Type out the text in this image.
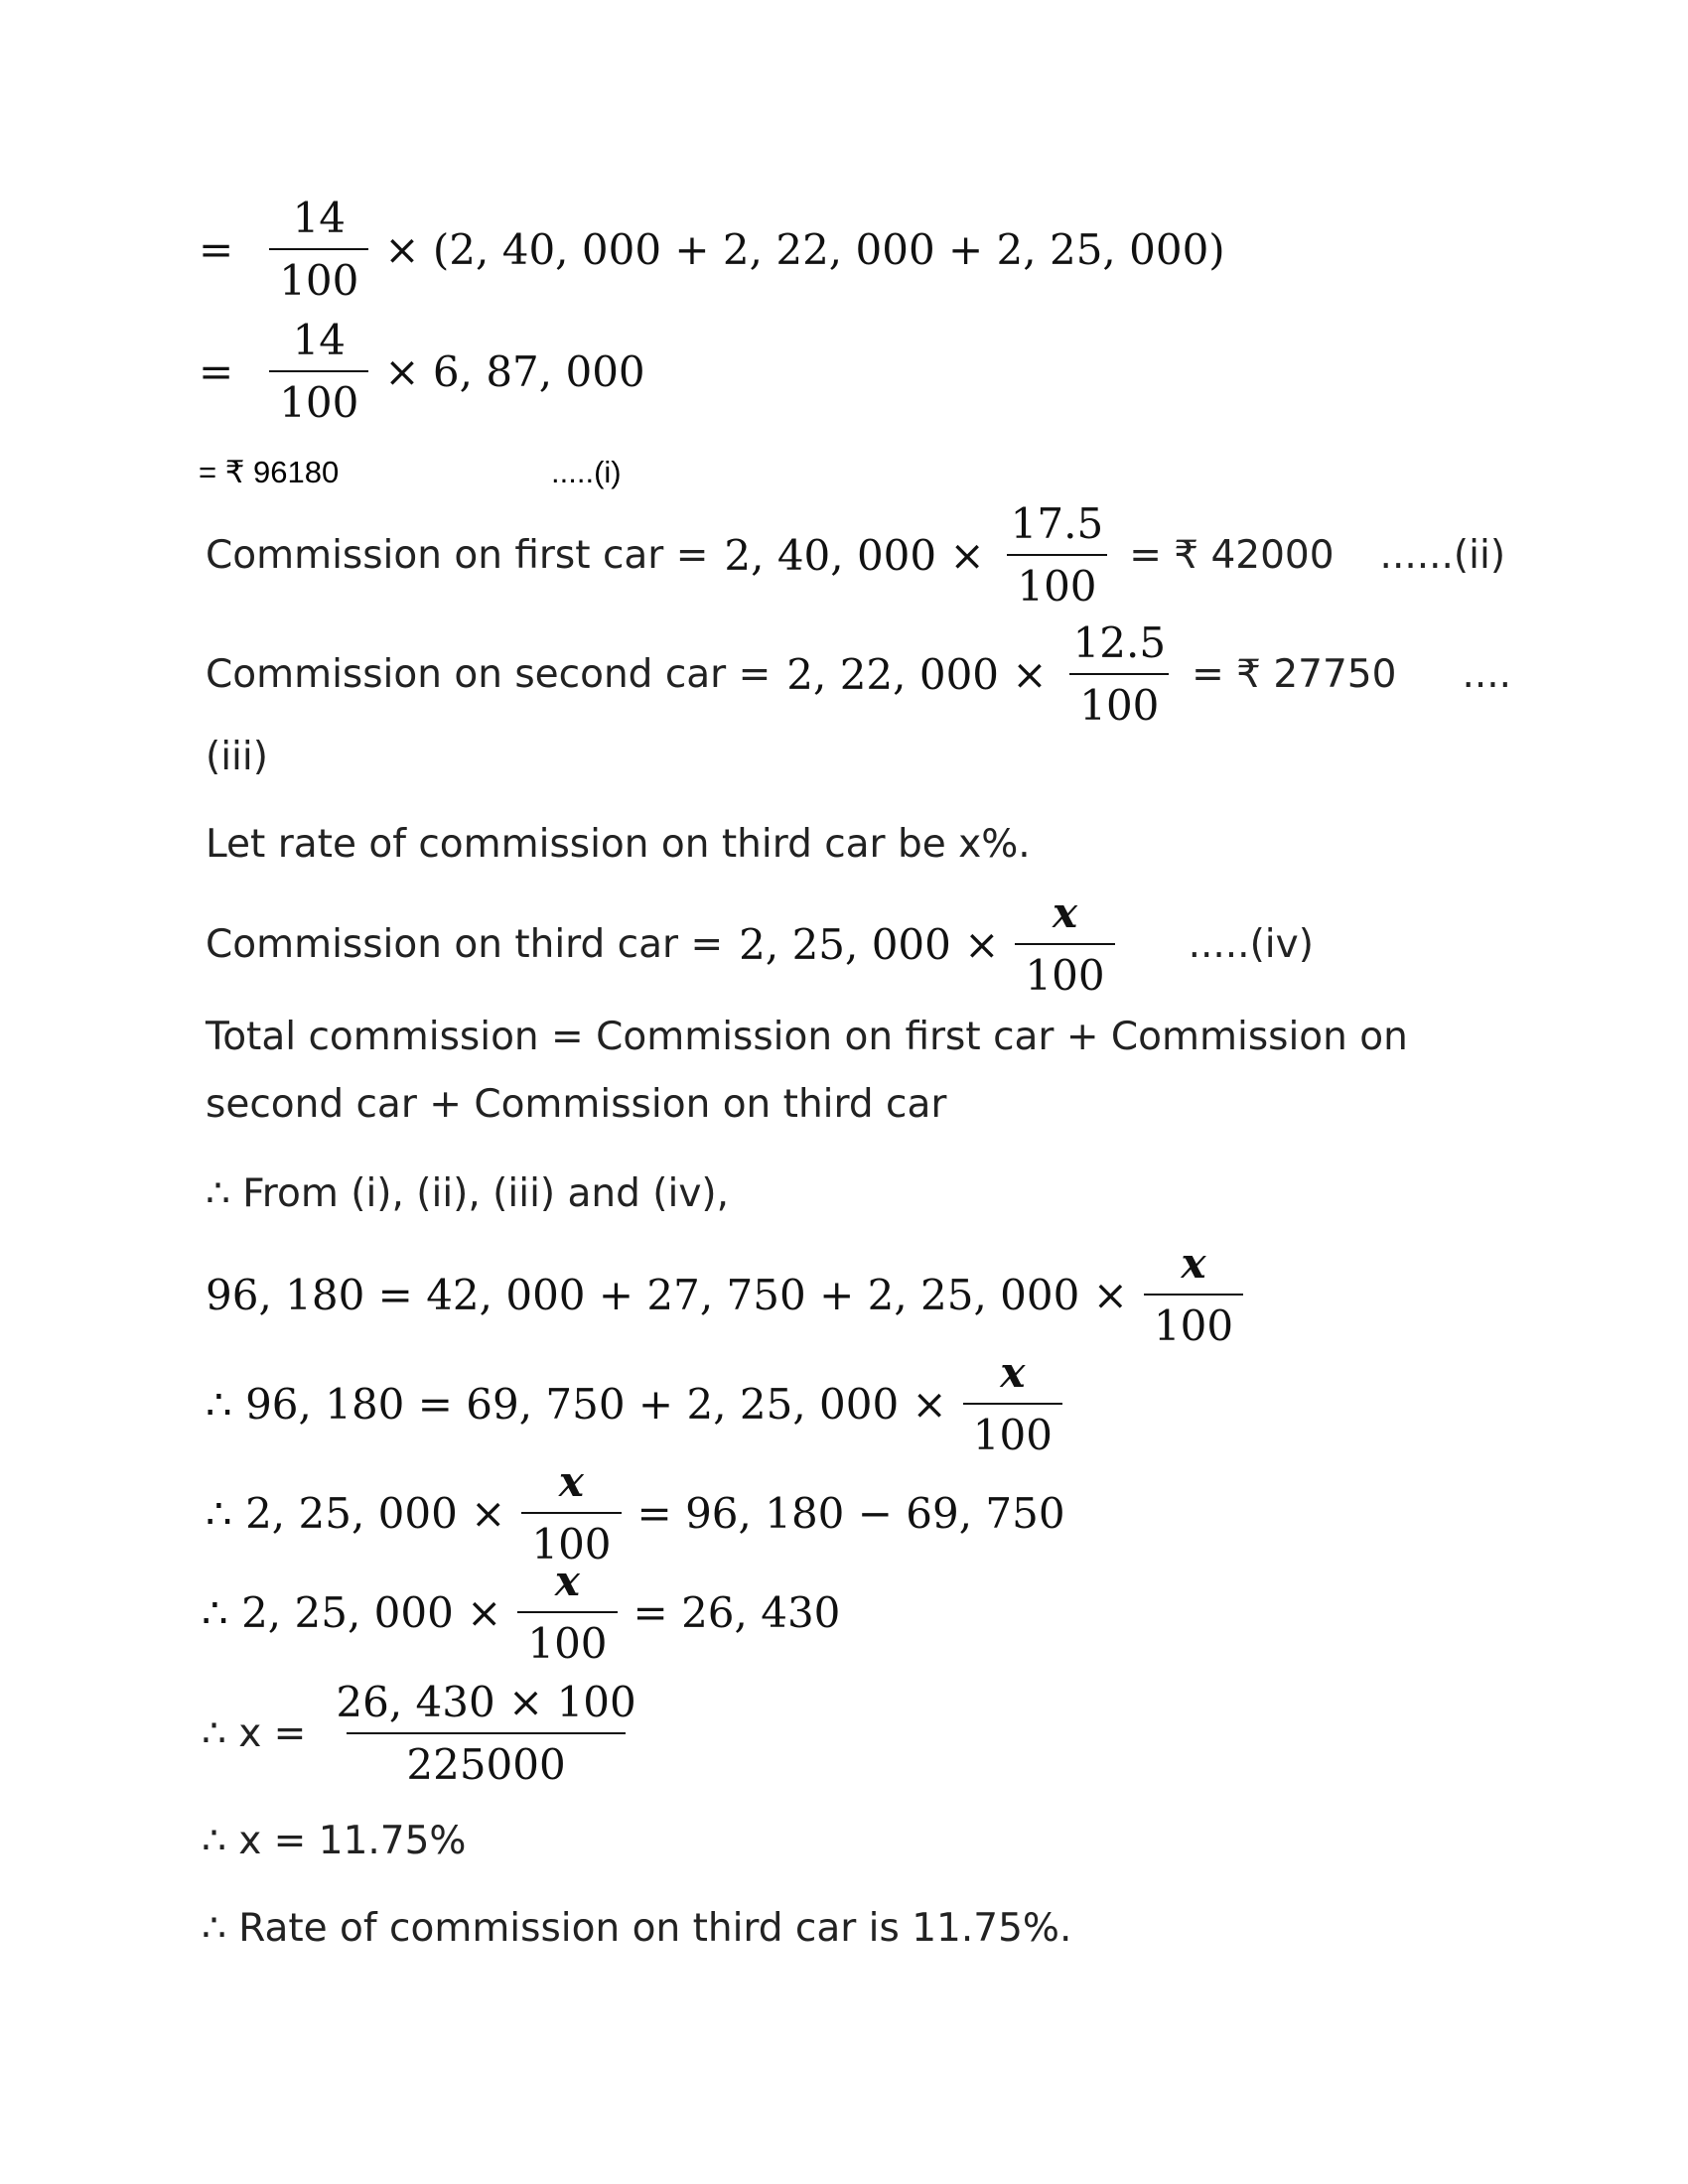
= $\frac{14}{100} \times (2$, 40, 000 + 2, 22, 000 + 2, 25, 000)
= $\frac{14}{100} \times 6$, 87, 000
= ₹ 96180	.....(i)
Commission on first car = 2, 40, $000 \times \frac{17.5}{100}$ = ₹ 42000 ......(ii)
Commission on second car = 2, 22, $000 \times \frac{12.5}{100}$ = ₹ 27750 ....
(iii)
Let rate of commission on third car be x%.
Commission on third car = 2, 25, $000 \times \frac{x}{100} .....(iv)$
Total commission = Commission on first car + Commission on
second car + Commission on third car
∴ From (i), (ii), (iii) and (iv),
96, 180 = 42, 000 + 27, 750 + 2, 25, $000 \times \frac{x}{100}$
∴ 96, 180 = 69, 750 + 2, 25, $000 \times \frac{x}{100}$
∴ 2, 25, $000 \times \frac{x}{100} = 96$, 180 − 69, 750
∴ 2, 25, $000 \times \frac{x}{100} = 26$, 430
∴ $x = \frac{26, 430 \times 100}{225000}$
∴ x = 11.75%
∴ Rate of commission on third car is 11.75%.
